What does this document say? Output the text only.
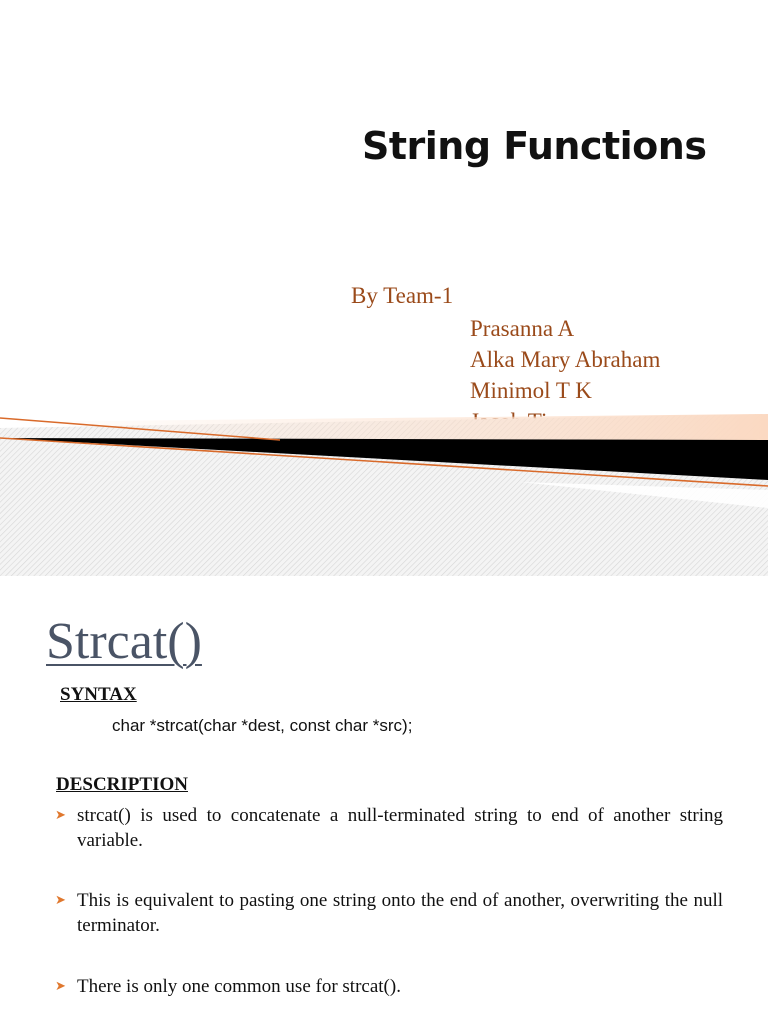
String Functions
By Team-1
Prasanna A
Alka Mary Abraham
Minimol T K
Strcat()
SYNTAX
char *strcat(char *dest, const char *src);
DESCRIPTION
➤ strcat() is used to concatenate a null-terminated string to end of another string variable.
➤ This is equivalent to pasting one string onto the end of another, overwriting the null terminator.
➤ There is only one common use for strcat().
